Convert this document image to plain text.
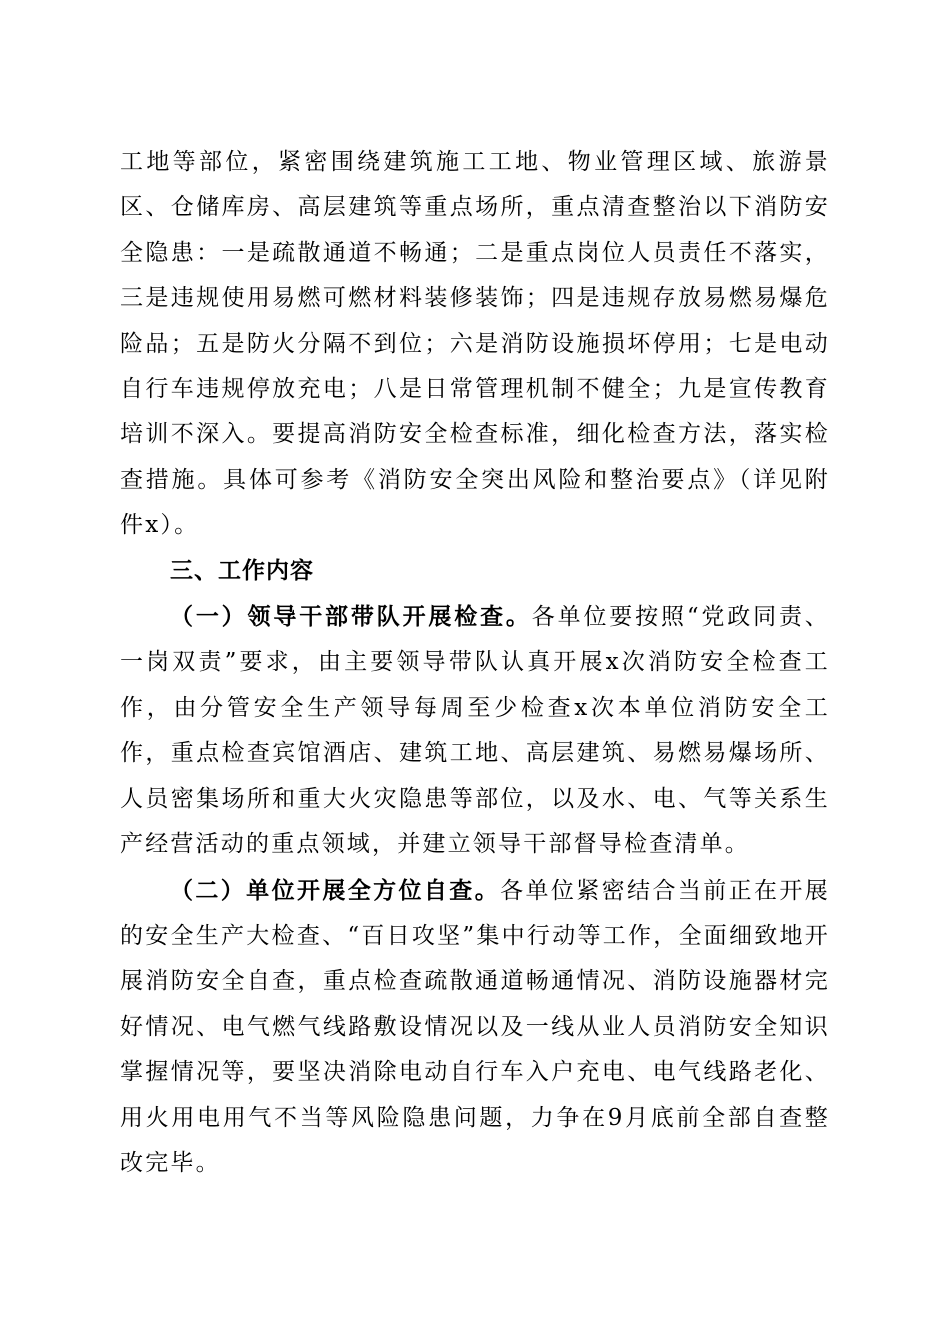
工地等部位，紧密围绕建筑施工工地、物业管理区域、旅游景区、仓储库房、高层建筑等重点场所，重点清查整治以下消防安全隐患：一是疏散通道不畅通；二是重点岗位人员责任不落实，三是违规使用易燃可燃材料装修装饰；四是违规存放易燃易爆危险品；五是防火分隔不到位；六是消防设施损坏停用；七是电动自行车违规停放充电；八是日常管理机制不健全；九是宣传教育培训不深入。要提高消防安全检查标准，细化检查方法，落实检查措施。具体可参考《消防安全突出风险和整治要点》（详见附件x）。

三、工作内容

（一）领导干部带队开展检查。各单位要按照“党政同责、一岗双责”要求，由主要领导带队认真开展x次消防安全检查工作，由分管安全生产领导每周至少检查x次本单位消防安全工作，重点检查宾馆酒店、建筑工地、高层建筑、易燃易爆场所、人员密集场所和重大火灾隐患等部位，以及水、电、气等关系生产经营活动的重点领域，并建立领导干部督导检查清单。

（二）单位开展全方位自查。各单位紧密结合当前正在开展的安全生产大检查、“百日攻坚”集中行动等工作，全面细致地开展消防安全自查，重点检查疏散通道畅通情况、消防设施器材完好情况、电气燃气线路敷设情况以及一线从业人员消防安全知识掌握情况等，要坚决消除电动自行车入户充电、电气线路老化、用火用电用气不当等风险隐患问题，力争在9月底前全部自查整改完毕。
